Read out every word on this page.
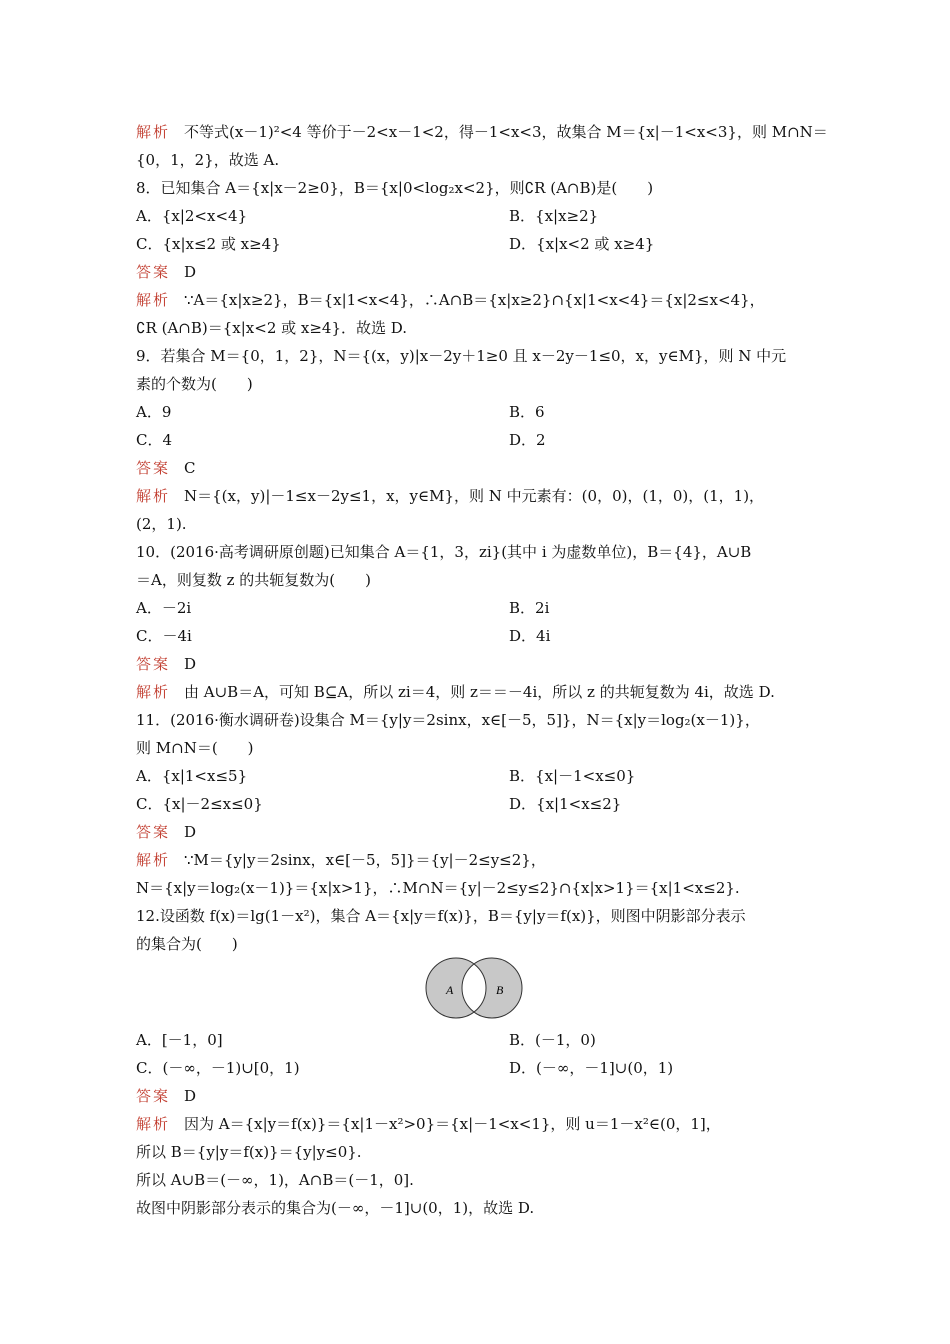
解析 不等式(x－1)²<4 等价于－2<x－1<2，得－1<x<3，故集合 M＝{x|－1<x<3}，则 M∩N＝
{0，1，2}，故选 A.
8．已知集合 A＝{x|x－2≥0}，B＝{x|0<log₂x<2}，则∁R (A∩B)是(　　)
A．{x|2<x<4}	B．{x|x≥2}
C．{x|x≤2 或 x≥4}	D．{x|x<2 或 x≥4}
答案 D
解析 ∵A＝{x|x≥2}，B＝{x|1<x<4}，∴A∩B＝{x|x≥2}∩{x|1<x<4}＝{x|2≤x<4}，
∁R (A∩B)＝{x|x<2 或 x≥4}．故选 D.
9．若集合 M＝{0，1，2}，N＝{(x，y)|x－2y＋1≥0 且 x－2y－1≤0，x，y∈M}，则 N 中元
素的个数为(　　)
A．9	B．6
C．4	D．2
答案 C
解析 N＝{(x，y)|－1≤x－2y≤1，x，y∈M}，则 N 中元素有：(0，0)，(1，0)，(1，1)，
(2，1).
10．(2016·高考调研原创题)已知集合 A＝{1，3，zi}(其中 i 为虚数单位)，B＝{4}，A∪B
＝A，则复数 z 的共轭复数为(　　)
A．－2i	B．2i
C．－4i	D．4i
答案 D
解析 由 A∪B＝A，可知 B⊆A，所以 zi＝4，则 z＝＝－4i，所以 z 的共轭复数为 4i，故选 D.
11．(2016·衡水调研卷)设集合 M＝{y|y＝2sinx，x∈[－5，5]}，N＝{x|y＝log₂(x－1)}，
则 M∩N＝(　　)
A．{x|1<x≤5}	B．{x|－1<x≤0}
C．{x|－2≤x≤0}	D．{x|1<x≤2}
答案 D
解析 ∵M＝{y|y＝2sinx，x∈[－5，5]}＝{y|－2≤y≤2}，
N＝{x|y＝log₂(x－1)}＝{x|x>1}，∴M∩N＝{y|－2≤y≤2}∩{x|x>1}＝{x|1<x≤2}.
12.设函数 f(x)＝lg(1－x²)，集合 A＝{x|y＝f(x)}，B＝{y|y＝f(x)}，则图中阴影部分表示
的集合为(　　)
A．[－1，0]	B．(－1，0)
C．(－∞，－1)∪[0，1)	D．(－∞，－1]∪(0，1)
答案 D
解析 因为 A＝{x|y＝f(x)}＝{x|1－x²>0}＝{x|－1<x<1}，则 u＝1－x²∈(0，1]，
所以 B＝{y|y＝f(x)}＝{y|y≤0}.
所以 A∪B＝(－∞，1)，A∩B＝(－1，0].
故图中阴影部分表示的集合为(－∞，－1]∪(0，1)，故选 D.
A	B
